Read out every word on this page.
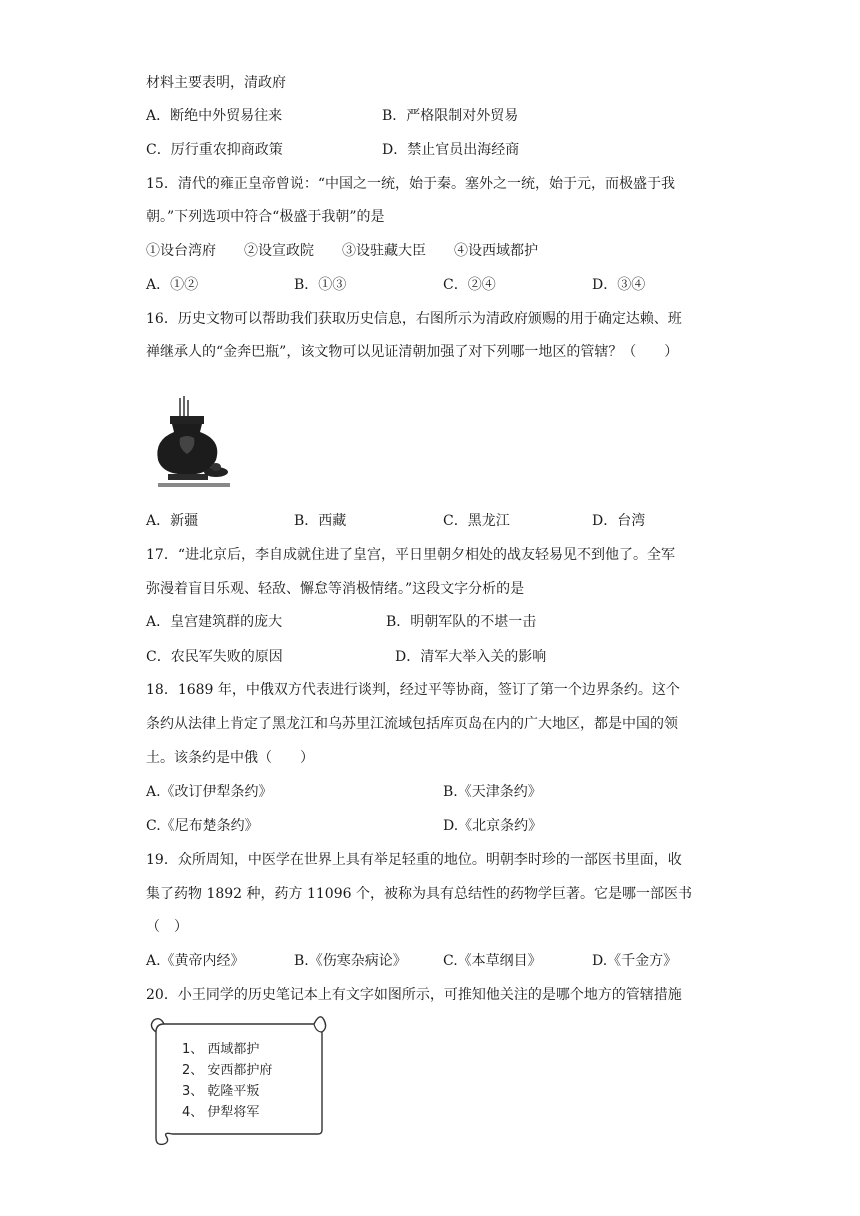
材料主要表明，清政府
A．断绝中外贸易往来	B．严格限制对外贸易
C．厉行重农抑商政策	D．禁止官员出海经商
15．清代的雍正皇帝曾说：“中国之一统，始于秦。塞外之一统，始于元，而极盛于我
朝。”下列选项中符合“极盛于我朝”的是
①设台湾府　　②设宣政院　　③设驻藏大臣　　④设西域都护
A．①②	B．①③	C．②④	D．③④
16．历史文物可以帮助我们获取历史信息，右图所示为清政府颁赐的用于确定达赖、班
禅继承人的“金奔巴瓶”，该文物可以见证清朝加强了对下列哪一地区的管辖？（　　）
A．新疆	B．西藏	C．黑龙江	D．台湾
17．“进北京后，李自成就住进了皇宫，平日里朝夕相处的战友轻易见不到他了。全军
弥漫着盲目乐观、轻敌、懈怠等消极情绪。”这段文字分析的是
A．皇宫建筑群的庞大	B．明朝军队的不堪一击
C．农民军失败的原因	D．清军大举入关的影响
18．1689 年，中俄双方代表进行谈判，经过平等协商，签订了第一个边界条约。这个
条约从法律上肯定了黑龙江和乌苏里江流域包括库页岛在内的广大地区，都是中国的领
土。该条约是中俄（　　）
A.《改订伊犁条约》	B.《天津条约》
C.《尼布楚条约》	D.《北京条约》
19．众所周知，中医学在世界上具有举足轻重的地位。明朝李时珍的一部医书里面，收
集了药物 1892 种，药方 11096 个，被称为具有总结性的药物学巨著。它是哪一部医书
（　）
A.《黄帝内经》	B.《伤寒杂病论》	C.《本草纲目》	D.《千金方》
20．小王同学的历史笔记本上有文字如图所示，可推知他关注的是哪个地方的管辖措施
1、 西域都护
2、 安西都护府
3、 乾隆平叛
4、 伊犁将军
